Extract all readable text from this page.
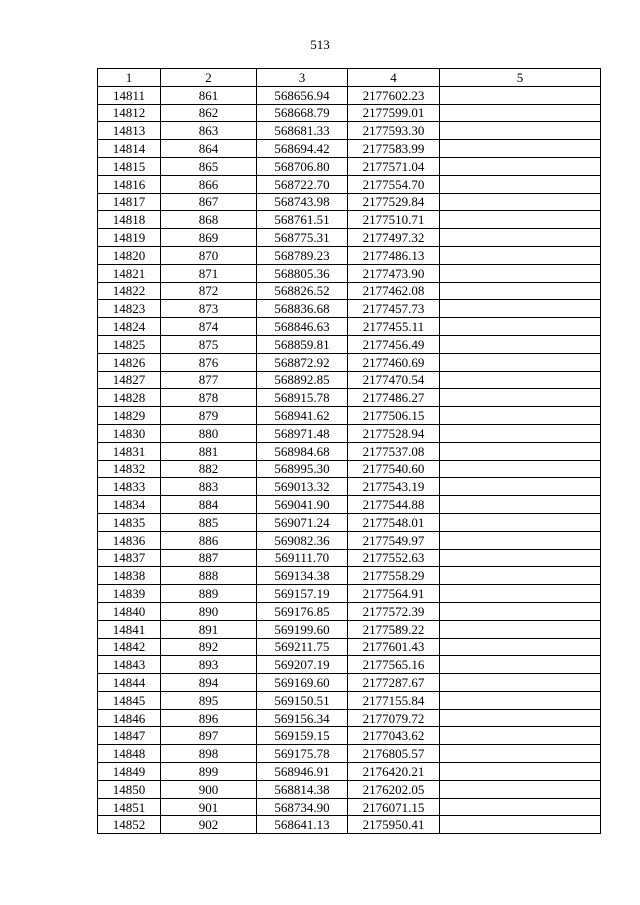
513
1	2	3	4	5
14811	861	568656.94	2177602.23	
14812	862	568668.79	2177599.01	
14813	863	568681.33	2177593.30	
14814	864	568694.42	2177583.99	
14815	865	568706.80	2177571.04	
14816	866	568722.70	2177554.70	
14817	867	568743.98	2177529.84	
14818	868	568761.51	2177510.71	
14819	869	568775.31	2177497.32	
14820	870	568789.23	2177486.13	
14821	871	568805.36	2177473.90	
14822	872	568826.52	2177462.08	
14823	873	568836.68	2177457.73	
14824	874	568846.63	2177455.11	
14825	875	568859.81	2177456.49	
14826	876	568872.92	2177460.69	
14827	877	568892.85	2177470.54	
14828	878	568915.78	2177486.27	
14829	879	568941.62	2177506.15	
14830	880	568971.48	2177528.94	
14831	881	568984.68	2177537.08	
14832	882	568995.30	2177540.60	
14833	883	569013.32	2177543.19	
14834	884	569041.90	2177544.88	
14835	885	569071.24	2177548.01	
14836	886	569082.36	2177549.97	
14837	887	569111.70	2177552.63	
14838	888	569134.38	2177558.29	
14839	889	569157.19	2177564.91	
14840	890	569176.85	2177572.39	
14841	891	569199.60	2177589.22	
14842	892	569211.75	2177601.43	
14843	893	569207.19	2177565.16	
14844	894	569169.60	2177287.67	
14845	895	569150.51	2177155.84	
14846	896	569156.34	2177079.72	
14847	897	569159.15	2177043.62	
14848	898	569175.78	2176805.57	
14849	899	568946.91	2176420.21	
14850	900	568814.38	2176202.05	
14851	901	568734.90	2176071.15	
14852	902	568641.13	2175950.41	
